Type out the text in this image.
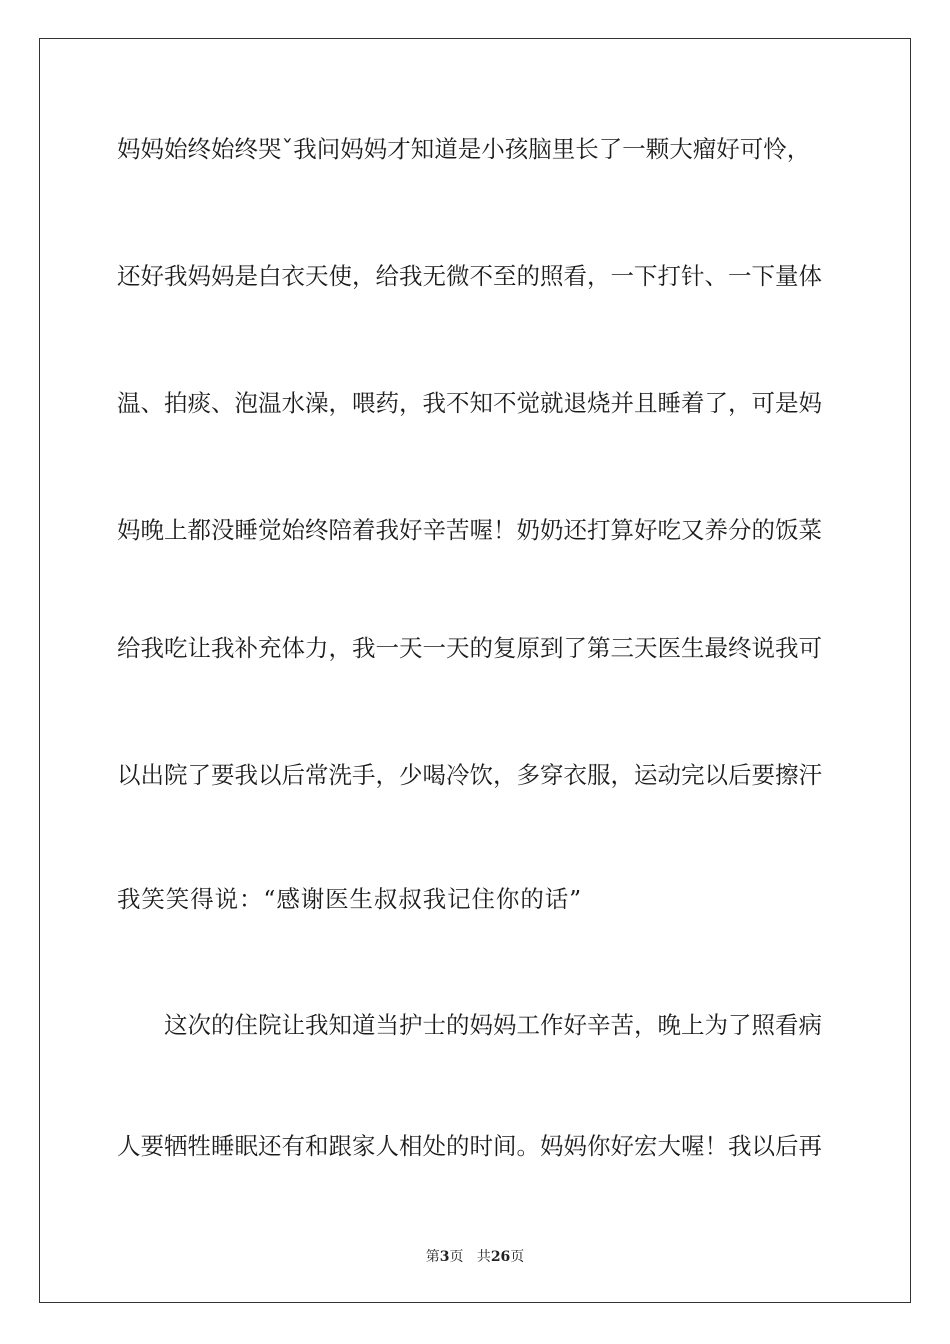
妈妈始终始终哭ˇ我问妈妈才知道是小孩脑里长了一颗大瘤好可怜，
还好我妈妈是白衣天使，给我无微不至的照看，一下打针、一下量体
温、拍痰、泡温水澡，喂药，我不知不觉就退烧并且睡着了，可是妈
妈晚上都没睡觉始终陪着我好辛苦喔！奶奶还打算好吃又养分的饭菜
给我吃让我补充体力，我一天一天的复原到了第三天医生最终说我可
以出院了要我以后常洗手，少喝冷饮，多穿衣服，运动完以后要擦汗
我笑笑得说：“感谢医生叔叔我记住你的话”
这次的住院让我知道当护士的妈妈工作好辛苦，晚上为了照看病
人要牺牲睡眠还有和跟家人相处的时间。妈妈你好宏大喔！我以后再
第3页 共26页
